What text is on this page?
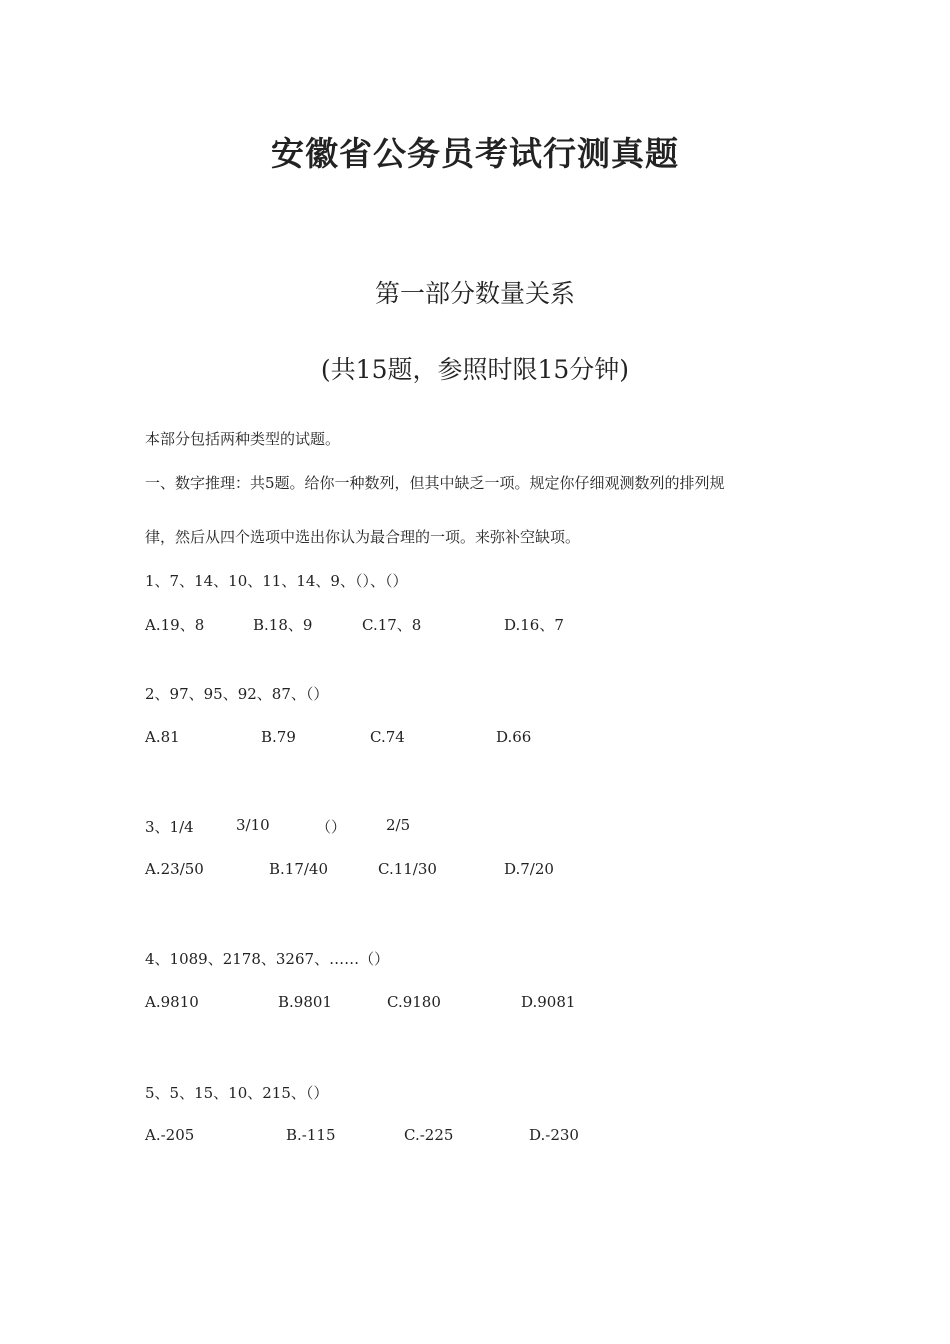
安徽省公务员考试行测真题
第一部分数量关系
(共15题，参照时限15分钟)
本部分包括两种类型的试题。
一、数字推理：共5题。给你一种数列，但其中缺乏一项。规定你仔细观测数列的排列规
律，然后从四个选项中选出你认为最合理的一项。来弥补空缺项。
1、7、14、10、11、14、9、（）、（）
A.19、8	B.18、9	C.17、8	D.16、7
2、97、95、92、87、（）
A.81	B.79	C.74	D.66
3、1/4	3/10	（）	2/5
A.23/50	B.17/40	C.11/30	D.7/20
4、1089、2178、3267、……（）
A.9810	B.9801	C.9180	D.9081
5、5、15、10、215、（）
A.-205	B.-115	C.-225	D.-230
